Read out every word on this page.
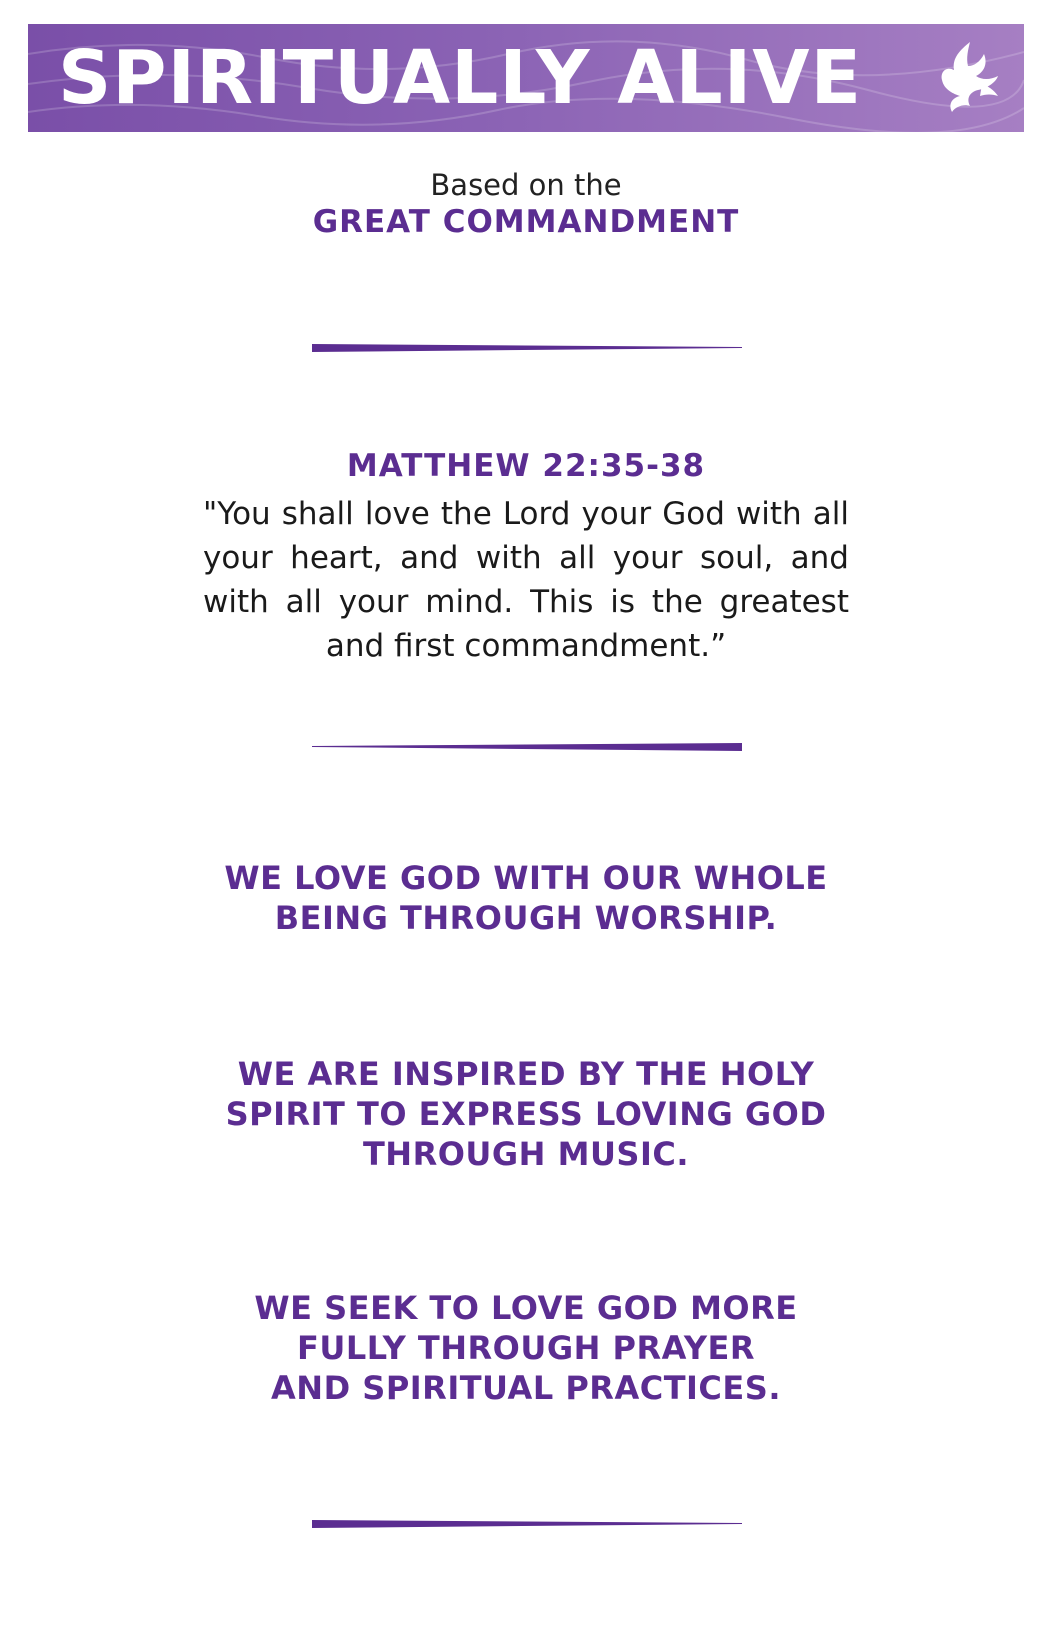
SPIRITUALLY ALIVE
Based on the
GREAT COMMANDMENT
MATTHEW 22:35-38
"You shall love the Lord your God with all your heart, and with all your soul, and with all your mind. This is the greatest and first commandment.”
WE LOVE GOD WITH OUR WHOLE
BEING THROUGH WORSHIP.
WE ARE INSPIRED BY THE HOLY
SPIRIT TO EXPRESS LOVING GOD
THROUGH MUSIC.
WE SEEK TO LOVE GOD MORE
FULLY THROUGH PRAYER
AND SPIRITUAL PRACTICES.
